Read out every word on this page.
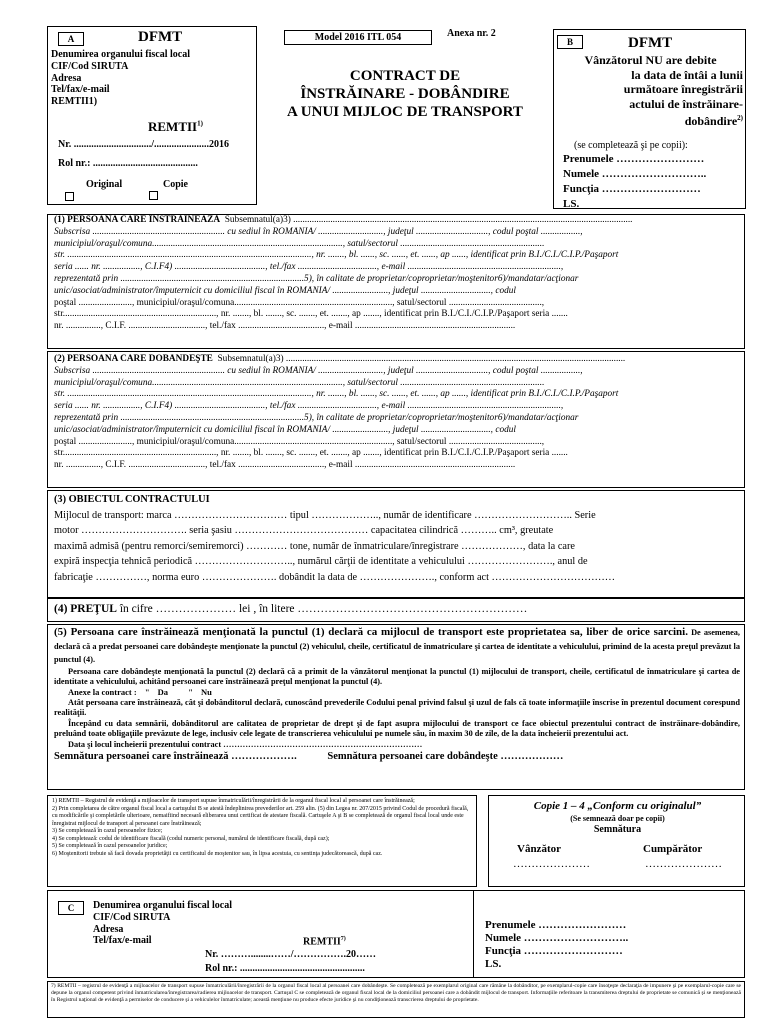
A	DFMT
Denumirea organului fiscal local
CIF/Cod SIRUTA
Adresa
Tel/fax/e-mail
REMTII1)
REMTII$^{1)}$
Nr. .............................../......................2016
Rol nr.: ..........................................
Original	Copie
Model 2016 ITL 054	Anexa nr. 2
CONTRACT DE
ÎNSTRĂINARE - DOBÂNDIRE
A UNUI MIJLOC DE TRANSPORT
B	DFMT
Vânzătorul NU are debite
la data de întâi a lunii
următoare înregistrării
actului de înstrăinare-
dobândire$^{2)}$
(se completează şi pe copii):
Prenumele ……………………
Numele ………………………..
Funcţia ………………………
LS.
(1) PERSOANA CARE ÎNSTRĂINEAZĂ Subsemnatul(a)3) ..................................................................................................................................................
Subscrisa ......................................................... cu sediul în ROMÂNIA/ ............................, judeţul ..............................., codul poştal .................,
municipiul/oraşul/comuna.................................................................................., satul/sectorul ..............................................................
str. ........................................................................................................., nr. ......., bl. ......, sc. ......, et. ......, ap ......, identificat prin B.I./C.I./C.I.P./Paşaport
seria ...... nr. ................, C.I.F4) ......................................., tel./fax .................................., e-mail ..................................................................,
reprezentată prin ...............................................................................5), în calitate de proprietar/coproprietar/moştenitor6)/mandatar/acţionar
unic/asociat/administrator/împuternicit cu domiciliul fiscal în ROMÂNIA/ ........................, judeţul .............................., codul
poştal ......................., municipiul/oraşul/comuna...................................................................., satul/sectorul ........................................,
str.................................................................., nr. ......., bl. ......., sc. ......., et. ......., ap ......., identificat prin B.I./C.I./C.I.P./Paşaport seria .......
nr. ..............., C.I.F. ................................., tel./fax ....................................., e-mail .....................................................................
(2) PERSOANA CARE DOBÂNDEŞTE Subsemnatul(a)3) ..................................................................................................................................................
Subscrisa ......................................................... cu sediul în ROMÂNIA/ ............................, judeţul ..............................., codul poştal .................,
municipiul/oraşul/comuna.................................................................................., satul/sectorul ..............................................................
str. ........................................................................................................., nr. ......., bl. ......, sc. ......, et. ......, ap ......, identificat prin B.I./C.I./C.I.P./Paşaport
seria ...... nr. ................, C.I.F4) ......................................., tel./fax .................................., e-mail ..................................................................,
reprezentată prin ...............................................................................5), în calitate de proprietar/coproprietar/moştenitor6)/mandatar/acţionar
unic/asociat/administrator/împuternicit cu domiciliul fiscal în ROMÂNIA/ ........................, judeţul .............................., codul
poştal ......................., municipiul/oraşul/comuna...................................................................., satul/sectorul ........................................,
str.................................................................., nr. ......., bl. ......., sc. ......., et. ......., ap ......., identificat prin B.I./C.I./C.I.P./Paşaport seria .......
nr. ..............., C.I.F. ................................., tel./fax ....................................., e-mail .....................................................................
(3) OBIECTUL CONTRACTULUI
Mijlocul de transport: marca …………………………… tipul ……………….., număr de identificare ……………………….. Serie
motor …………………………. seria şasiu ………………………………… capacitatea cilindrică ……….. cm³, greutate
maximă admisă (pentru remorci/semiremorci) ………… tone, număr de înmatriculare/înregistrare ………………, data la care
expiră inspecţia tehnică periodică ……………………….., numărul cărţii de identitate a vehiculului ……………………., anul de
fabricaţie ……………, norma euro …………………. dobândit la data de …………………., conform act ………………………………
(4) PREŢUL în cifre ………………… lei , în litere ……………………………………………………
(5) Persoana care înstrăinează menţionată la punctul (1) declară ca mijlocul de transport este proprietatea sa, liber de orice sarcini. De asemenea, declară că a predat persoanei care dobândeşte menţionate la punctul (2) vehiculul, cheile, certificatul de înmatriculare şi cartea de identitate a vehiculului, primind de la acesta preţul prevăzut la punctul (4).
Persoana care dobândeşte menţionată la punctul (2) declară că a primit de la vânzătorul menţionat la punctul (1) mijlocului de transport, cheile, certificatul de înmatriculare şi cartea de identitate a vehiculului, achitând persoanei care înstrăinează preţul menţionat la punctul (4).
Anexe la contract : " Da " Nu
Atât persoana care înstrăinează, cât şi dobânditorul declară, cunoscând prevederile Codului penal privind falsul şi uzul de fals că toate informaţiile înscrise în prezentul document corespund realităţii.
Începând cu data semnării, dobânditorul are calitatea de proprietar de drept şi de fapt asupra mijlocului de transport ce face obiectul prezentului contract de înstrăinare-dobândire, preluând toate obligaţiile prevăzute de lege, inclusiv cele legate de transcrierea vehiculului pe numele său, în maxim 30 de zile, de la data încheierii prezentului act.
Data şi locul încheierii prezentului contract ………………………………………………………………
Semnătura persoanei care înstrăinează ……………….	Semnătura persoanei care dobândeşte ………………
1) REMTII – Registrul de evidenţă a mijloacelor de transport supuse înmatriculării/înregistrării de la organul fiscal local al persoanei care înstrăinează;
2) Prin completarea de către organul fiscal local a cartuşului B se atestă îndeplinirea prevederilor art. 259 alin. (5) din Legea nr. 207/2015 privind Codul de procedură fiscală, cu modificările şi completările ulterioare, nemaifiind necesară eliberarea unui certificat de atestare fiscală. Cartuşele A şi B se completează de organul fiscal local unde este înregistrat mijlocul de transport al persoanei care înstrăinează;
3) Se completează în cazul persoanelor fizice;
4) Se completează: codul de identificare fiscală (codul numeric personal, numărul de identificare fiscală, după caz);
5) Se completează în cazul persoanelor juridice;
6) Moştenitorii trebuie să facă dovada proprietăţii cu certificatul de moştenitor sau, în lipsa acestuia, cu sentinţa judecătorească, după caz.
Copie 1 – 4 „Conform cu originalul”
(Se semnează doar pe copii)
Semnătura
Vânzător	Cumpărător
…………………	…………………
C	Denumirea organului fiscal local
CIF/Cod SIRUTA
Adresa
Tel/fax/e-mail	REMTII$^{7)}$
Nr. ………........……/…………….20……
Rol nr.: ..................................................
Prenumele ……………………
Numele ………………………..
Funcţia ………………………
LS.
7) REMTII – registrul de evidenţă a mijloacelor de transport supuse înmatriculării/înregistrării de la organul fiscal local al persoanei care dobândeşte. Se completează pe exemplarul original care rămâne la dobânditor, pe exemplarul-copie care însoţeşte declaraţia de impunere şi pe exemplarul-copie care se depune la organul competent privind înmatricularea/înregistrarea/radierea mijloacelor de transport. Cartuşul C se completează de organul fiscal local de la domiciliul persoanei care a dobândit mijlocul de transport. Informaţiile referitoare la transmiterea dreptului de proprietate se comunică şi se menţionează în Registrul naţional de evidenţă a permiselor de conducere şi a vehiculelor înmatriculate; această menţiune nu produce efecte juridice şi nu condiţionează transcrierea dreptului de proprietate.
